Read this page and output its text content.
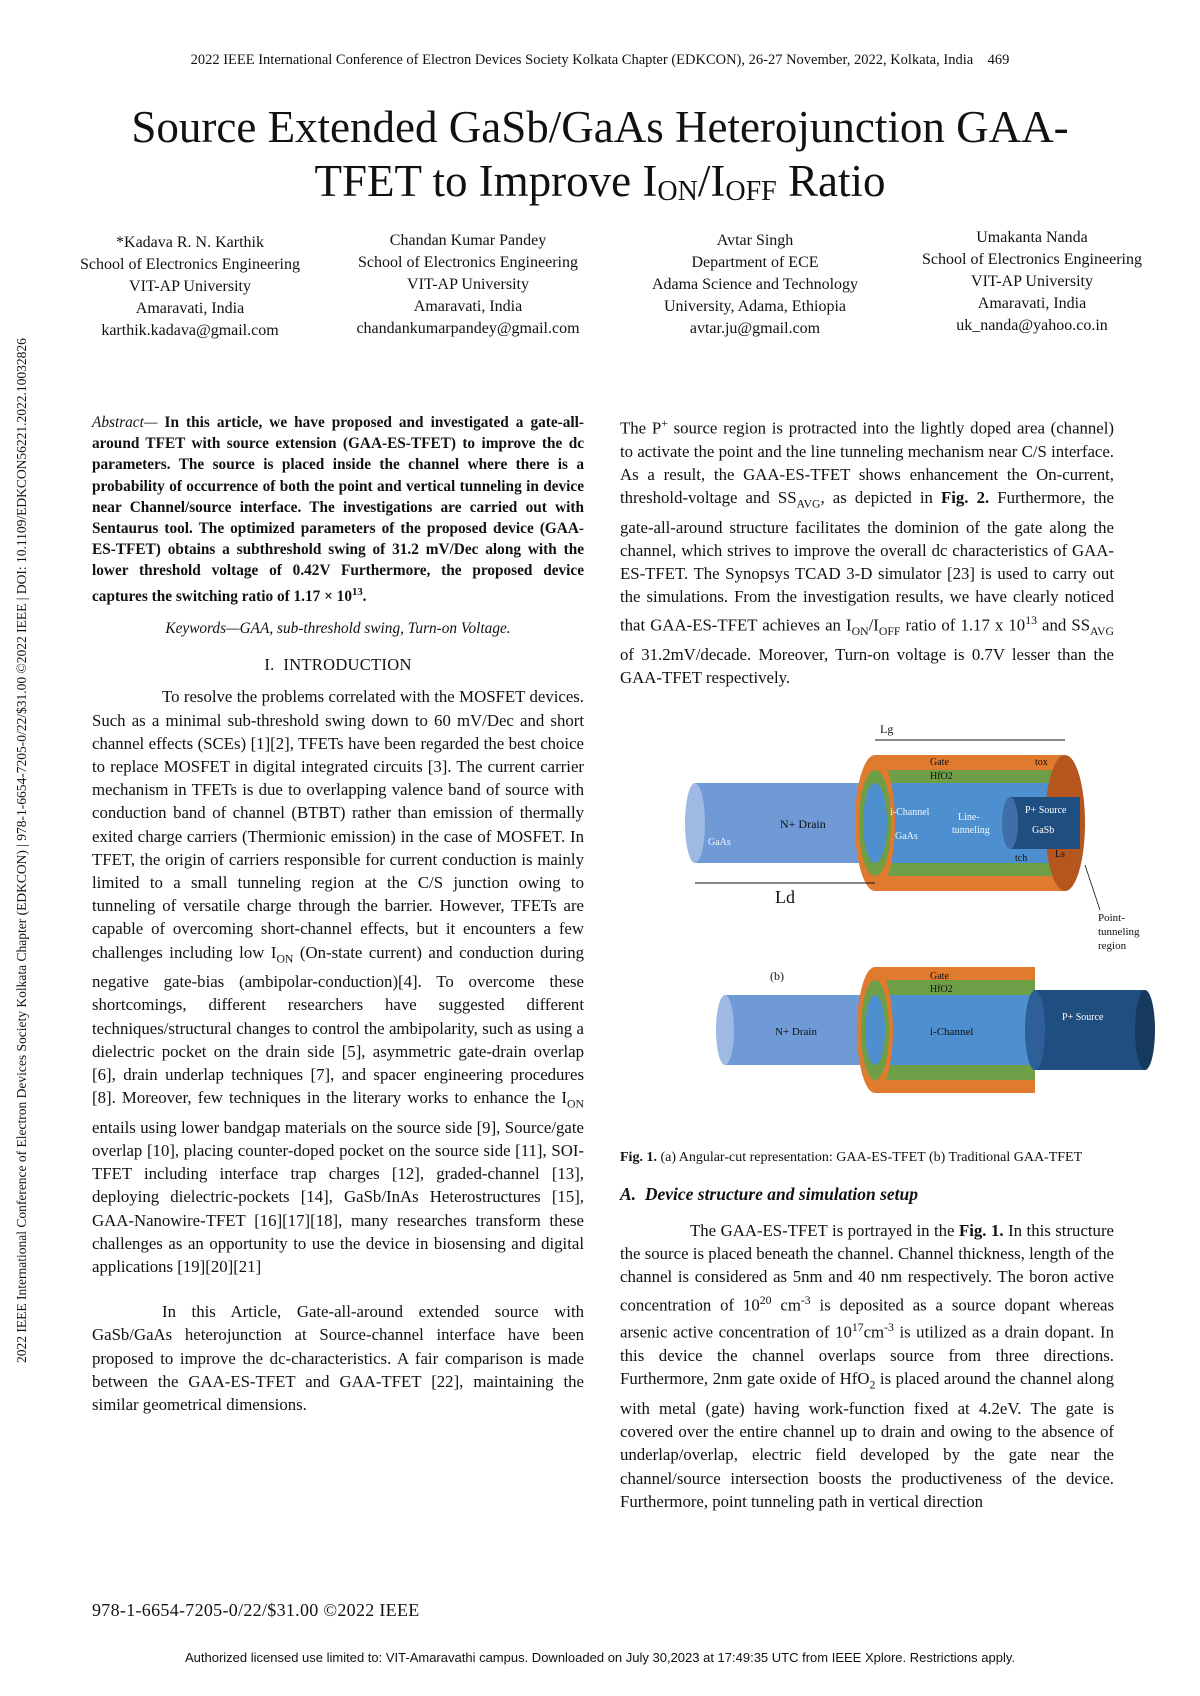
2022 IEEE International Conference of Electron Devices Society Kolkata Chapter (EDKCON), 26-27 November, 2022, Kolkata, India 469
Source Extended GaSb/GaAs Heterojunction GAA-
TFET to Improve $I_{ON}/I_{OFF}$ Ratio
*Kadava R. N. Karthik
School of Electronics Engineering
VIT-AP University
Amaravati, India
karthik.kadava@gmail.com
Chandan Kumar Pandey
School of Electronics Engineering
VIT-AP University
Amaravati, India
chandankumarpandey@gmail.com
Avtar Singh
Department of ECE
Adama Science and Technology
University, Adama, Ethiopia
avtar.ju@gmail.com
Umakanta Nanda
School of Electronics Engineering
VIT-AP University
Amaravati, India
uk_nanda@yahoo.co.in
2022 IEEE International Conference of Electron Devices Society Kolkata Chapter (EDKCON) | 978-1-6654-7205-0/22/$31.00 ©2022 IEEE | DOI: 10.1109/EDKCON56221.2022.10032826	Abstract— In this article, we have proposed and investigated a gate-all-around TFET with source extension (GAA-ES-TFET) to improve the dc parameters. The source is placed inside the channel where there is a probability of occurrence of both the point and vertical tunneling in device near Channel/source interface. The investigations are carried out with Sentaurus tool. The optimized parameters of the proposed device (GAA-ES-TFET) obtains a subthreshold swing of 31.2 mV/Dec along with the lower threshold voltage of 0.42V Furthermore, the proposed device captures the switching ratio of $1.17 \times 10^{13}$.

Keywords—GAA, sub-threshold swing, Turn-on Voltage.

I. INTRODUCTION

To resolve the problems correlated with the MOSFET devices. Such as a minimal sub-threshold swing down to 60 mV/Dec and short channel effects (SCEs) [1][2], TFETs have been regarded the best choice to replace MOSFET in digital integrated circuits [3]. The current carrier mechanism in TFETs is due to overlapping valence band of source with conduction band of channel (BTBT) rather than emission of thermally exited charge carriers (Thermionic emission) in the case of MOSFET. In TFET, the origin of carriers responsible for current conduction is mainly limited to a small tunneling region at the C/S junction owing to tunneling of versatile charge through the barrier. However, TFETs are capable of overcoming short-channel effects, but it encounters a few challenges including low $I_{ON}$ (On-state current) and conduction during negative gate-bias (ambipolar-conduction)[4]. To overcome these shortcomings, different researchers have suggested different techniques/structural changes to control the ambipolarity, such as using a dielectric pocket on the drain side [5], asymmetric gate-drain overlap [6], drain underlap techniques [7], and spacer engineering procedures [8]. Moreover, few techniques in the literary works to enhance the $I_{ON}$ entails using lower bandgap materials on the source side [9], Source/gate overlap [10], placing counter-doped pocket on the source side [11], SOI-TFET including interface trap charges [12], graded-channel [13], deploying dielectric-pockets [14], GaSb/InAs Heterostructures [15], GAA-Nanowire-TFET [16][17][18], many researches transform these challenges as an opportunity to use the device in biosensing and digital applications [19][20][21]

In this Article, Gate-all-around extended source with GaSb/GaAs heterojunction at Source-channel interface have been proposed to improve the dc-characteristics. A fair comparison is made between the GAA-ES-TFET and GAA-TFET [22], maintaining the similar geometrical dimensions.

The P+ source region is protracted into the lightly doped area (channel) to activate the point and the line tunneling mechanism near C/S interface. As a result, the GAA-ES-TFET shows enhancement the On-current, threshold-voltage and $SS_{AVG}$, as depicted in Fig. 2. Furthermore, the gate-all-around structure facilitates the dominion of the gate along the channel, which strives to improve the overall dc characteristics of GAA-ES-TFET. The Synopsys TCAD 3-D simulator [23] is used to carry out the simulations. From the investigation results, we have clearly noticed that GAA-ES-TFET achieves an $I_{ON}/I_{OFF}$ ratio of 1.17 x $10^{13}$ and $SS_{AVG}$ of 31.2mV/decade. Moreover, Turn-on voltage is 0.7V lesser than the GAA-TFET respectively.

Lg
Gate
HfO2
tox
N+ Drain
GaAs
i-Channel
GaAs
Line-
tunneling
P+ Source
GaSb
tch	Ls
Ld
Point-
tunneling
region
(b)	Gate
HfO2
N+ Drain	i-Channel
P+ Source
Fig. 1. (a) Angular-cut representation: GAA-ES-TFET (b) Traditional GAA-TFET
A. Device structure and simulation setup

The GAA-ES-TFET is portrayed in the Fig. 1. In this structure the source is placed beneath the channel. Channel thickness, length of the channel is considered as 5nm and 40 nm respectively. The boron active concentration of $10^{20}$ $cm^{-3}$ is deposited as a source dopant whereas arsenic active concentration of $10^{17}cm^{-3}$ is utilized as a drain dopant. In this device the channel overlaps source from three directions. Furthermore, 2nm gate oxide of HfO$_2$ is placed around the channel along with metal (gate) having work-function fixed at 4.2eV. The gate is covered over the entire channel up to drain and owing to the absence of underlap/overlap, electric field developed by the gate near the channel/source intersection boosts the productiveness of the device. Furthermore, point tunneling path in vertical direction

978-1-6654-7205-0/22/$31.00 ©2022 IEEE
Authorized licensed use limited to: VIT-Amaravathi campus. Downloaded on July 30,2023 at 17:49:35 UTC from IEEE Xplore. Restrictions apply.
